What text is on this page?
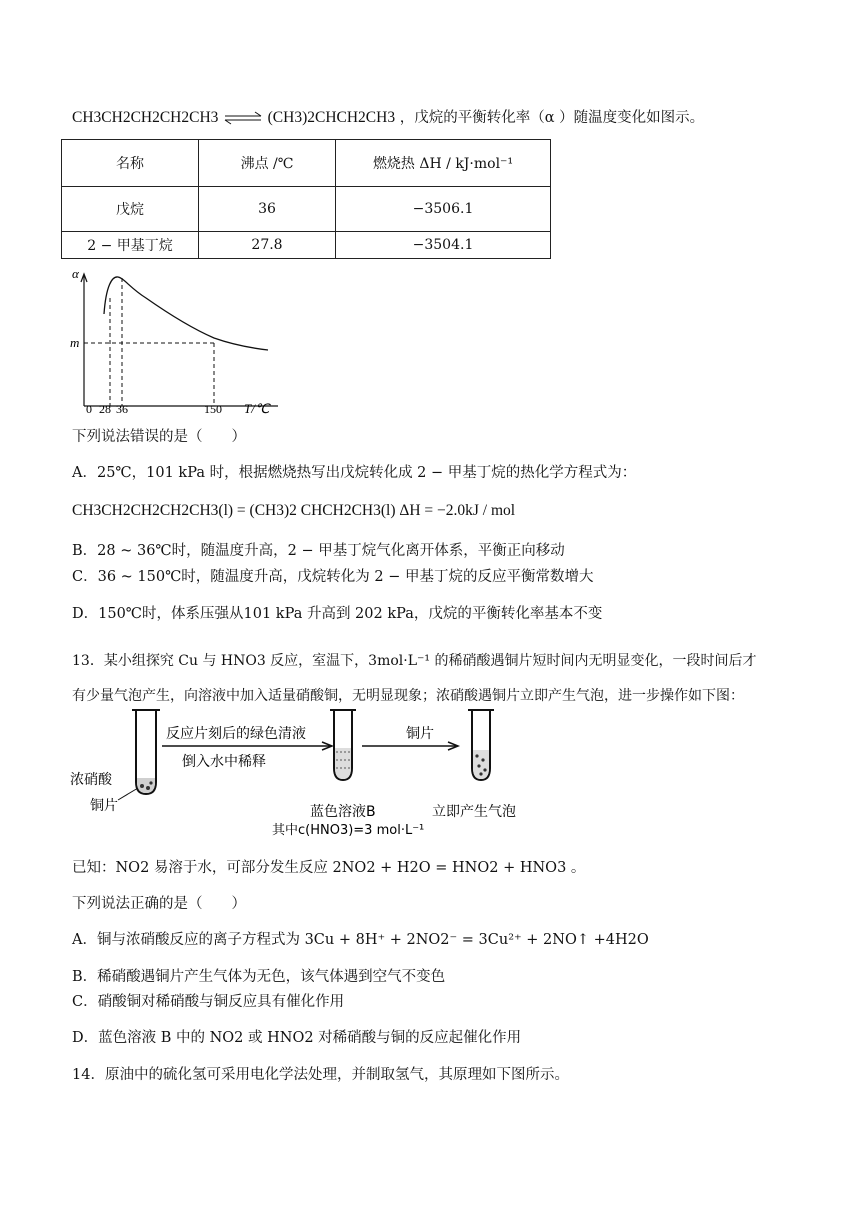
CH3CH2CH2CH2CH3 ⇌ (CH3)2CHCH2CH3 ，戊烷的平衡转化率（α ）随温度变化如图示。
名称	沸点 /℃	燃烧热 ΔH / kJ·mol⁻¹
戊烷	36	−3506.1
2 − 甲基丁烷	27.8	−3504.1
α
m
0 28 36	150 T/℃
下列说法错误的是（　　）
A．25℃，101 kPa 时，根据燃烧热写出戊烷转化成 2 − 甲基丁烷的热化学方程式为：
CH3CH2CH2CH2CH3(l) = (CH3)2 CHCH2CH3(l) ΔH = −2.0kJ / mol
B．28 ~ 36℃时，随温度升高，2 − 甲基丁烷气化离开体系，平衡正向移动
C．36 ~ 150℃时，随温度升高，戊烷转化为 2 − 甲基丁烷的反应平衡常数增大
D．150℃时，体系压强从101 kPa 升高到 202 kPa，戊烷的平衡转化率基本不变
13．某小组探究 Cu 与 HNO3 反应，室温下，3mol·L⁻¹ 的稀硝酸遇铜片短时间内无明显变化，一段时间后才
有少量气泡产生，向溶液中加入适量硝酸铜，无明显现象；浓硝酸遇铜片立即产生气泡，进一步操作如下图：
浓硝酸
铜片
反应片刻后的绿色清液
倒入水中稀释
蓝色溶液B
其中c(HNO3)=3 mol·L⁻¹
铜片
立即产生气泡
已知：NO2 易溶于水，可部分发生反应 2NO2 + H2O = HNO2 + HNO3 。
下列说法正确的是（　　）
A．铜与浓硝酸反应的离子方程式为 3Cu + 8H⁺ + 2NO2⁻ = 3Cu²⁺ + 2NO↑ +4H2O
B．稀硝酸遇铜片产生气体为无色，该气体遇到空气不变色
C．硝酸铜对稀硝酸与铜反应具有催化作用
D．蓝色溶液 B 中的 NO2 或 HNO2 对稀硝酸与铜的反应起催化作用
14．原油中的硫化氢可采用电化学法处理，并制取氢气，其原理如下图所示。
